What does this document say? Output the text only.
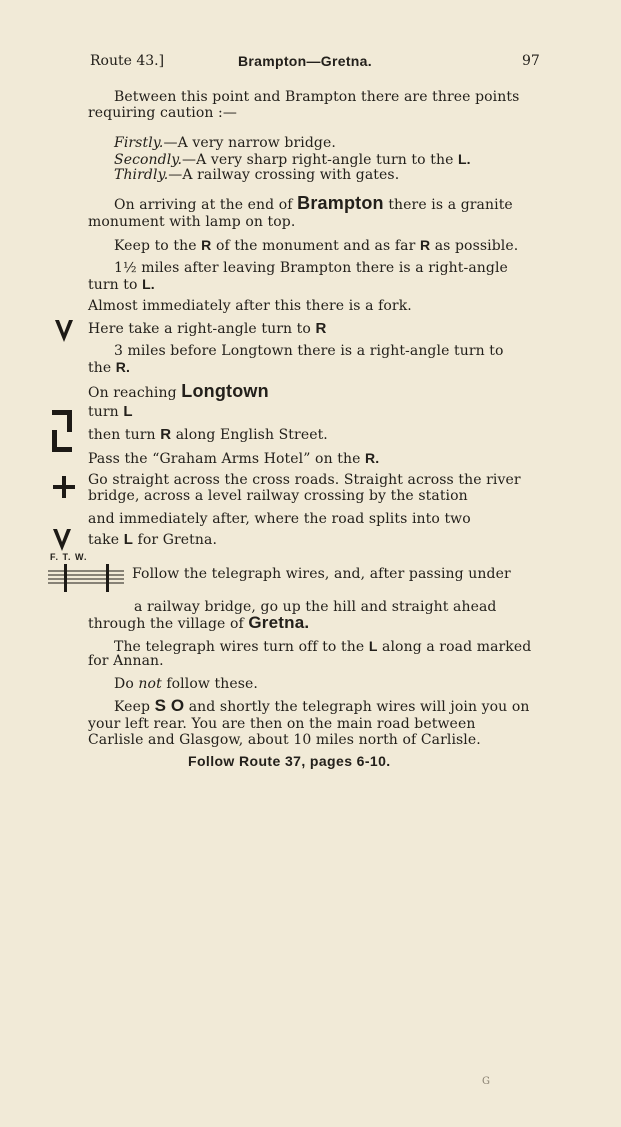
Route 43.]	Brampton—Gretna.	97
Between this point and Brampton there are three points
requiring caution :—
Firstly.—A very narrow bridge.
Secondly.—A very sharp right-angle turn to the L.
Thirdly.—A railway crossing with gates.
On arriving at the end of Brampton there is a granite
monument with lamp on top.
Keep to the R of the monument and as far R as possible.
1½ miles after leaving Brampton there is a right-angle
turn to L.
Almost immediately after this there is a fork.
Here take a right-angle turn to R
3 miles before Longtown there is a right-angle turn to
the R.
On reaching Longtown
turn L
then turn R along English Street.
Pass the “Graham Arms Hotel” on the R.
Go straight across the cross roads. Straight across the river
bridge, across a level railway crossing by the station
and immediately after, where the road splits into two
take L for Gretna.
F. T. W.
Follow the telegraph wires, and, after passing under
a railway bridge, go up the hill and straight ahead
through the village of Gretna.
The telegraph wires turn off to the L along a road marked
for Annan.
Do not follow these.
Keep S O and shortly the telegraph wires will join you on
your left rear. You are then on the main road between
Carlisle and Glasgow, about 10 miles north of Carlisle.
Follow Route 37, pages 6-10.
G
